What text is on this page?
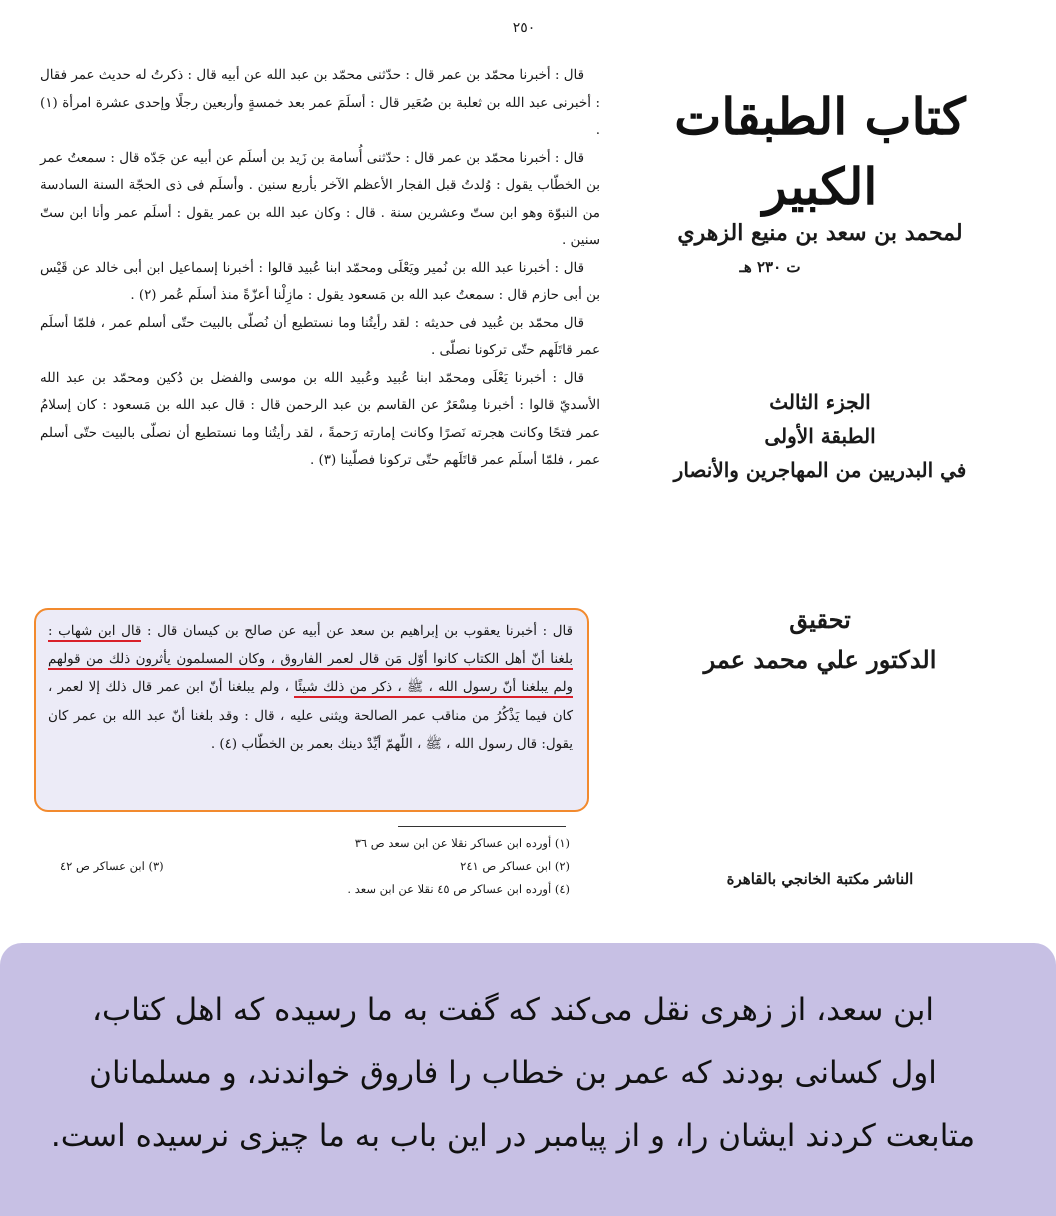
٢٥٠

قال : أخبرنا محمّد بن عمر قال : حدّثنى محمّد بن عبد الله عن أبيه قال : ذكرتُ له حديث عمر فقال : أخبرنى عبد الله بن ثعلبة بن صُعَير قال : أسلَمَ عمر بعد خمسةٍ وأربعين رجلًا وإحدى عشرة امرأة (١) .

قال : أخبرنا محمّد بن عمر قال : حدّثنى أُسامة بن زَيد بن أسلَم عن أبيه عن جَدّه قال : سمعتُ عمر بن الخطّاب يقول : وُلدتُ قبل الفجار الأعظم الآخر بأربع سنين . وأسلَم فى ذى الحجّة السنة السادسة من النبوّة وهو ابن ستّ وعشرين سنة . قال : وكان عبد الله بن عمر يقول : أسلَم عمر وأنا ابن ستّ سنين .

قال : أخبرنا عبد الله بن نُمير ويَعْلَى ومحمّد ابنا عُبيد قالوا : أخبرنا إسماعيل ابن أبى خالد عن قَيْس بن أبى حازم قال : سمعتُ عبد الله بن مَسعود يقول : مازِلْنا أعزّةً منذ أسلَم عُمر (٢) .

قال محمّد بن عُبيد فى حديثه : لقد رأيتُنا وما نستطيع أن نُصلّى بالبيت حتّى أسلم عمر ، فلمّا أسلَم عمر قاتَلَهم حتّى تركونا نصلّى .

قال : أخبرنا يَعْلَى ومحمّد ابنا عُبيد وعُبيد الله بن موسى والفضل بن دُكين ومحمّد بن عبد الله الأسديّ قالوا : أخبرنا مِسْعَرٌ عن القاسم بن عبد الرحمن قال : قال عبد الله بن مَسعود : كان إسلامُ عمر فتحًا وكانت هجرته نَصرًا وكانت إمارته رَحمةً ، لقد رأيتُنا وما نستطيع أن نصلّى بالبيت حتّى أسلم عمر ، فلمّا أسلَم عمر قاتَلَهم حتّى تركونا فصلّينا (٣) .

قال : أخبرنا يعقوب بن إبراهيم بن سعد عن أبيه عن صالح بن كيسان قال : قال ابن شهاب : بلغنا أنّ أهل الكتاب كانوا أوّل مَن قال لعمر الفاروق ، وكان المسلمون يأثرون ذلك من قولهم ولم يبلغنا أنّ رسول الله ، ﷺ ، ذكر من ذلك شيئًا ، ولم يبلغنا أنّ ابن عمر قال ذلك إلا لعمر ، كان فيما يَذْكُرُ من مناقب عمر الصالحة ويثنى عليه ، قال : وقد بلغنا أنّ عبد الله بن عمر كان يقول: قال رسول الله ، ﷺ ، اللّهمّ أيِّدْ دينك بعمر بن الخطّاب (٤) .

(١) أورده ابن عساكر نقلا عن ابن سعد ص ٣٦
(٢) ابن عساكر ص ٢٤١
(٣) ابن عساكر ص ٤٢
(٤) أورده ابن عساكر ص ٤٥ نقلا عن ابن سعد .
كتاب الطبقات الكبير
لمحمد بن سعد بن منيع الزهري
ت ٢٣٠ هـ
الجزء الثالث
الطبقة الأولى
في البدريين من المهاجرين والأنصار
تحقيق
الدكتور علي محمد عمر
الناشر مكتبة الخانجي بالقاهرة

ابن سعد، از زهری نقل می‌کند که گفت به ما رسیده که اهل کتاب،

اول کسانی بودند که عمر بن خطاب را فاروق خواندند، و مسلمانان

متابعت کردند ایشان را، و از پیامبر در این باب به ما چیزی نرسیده است.
